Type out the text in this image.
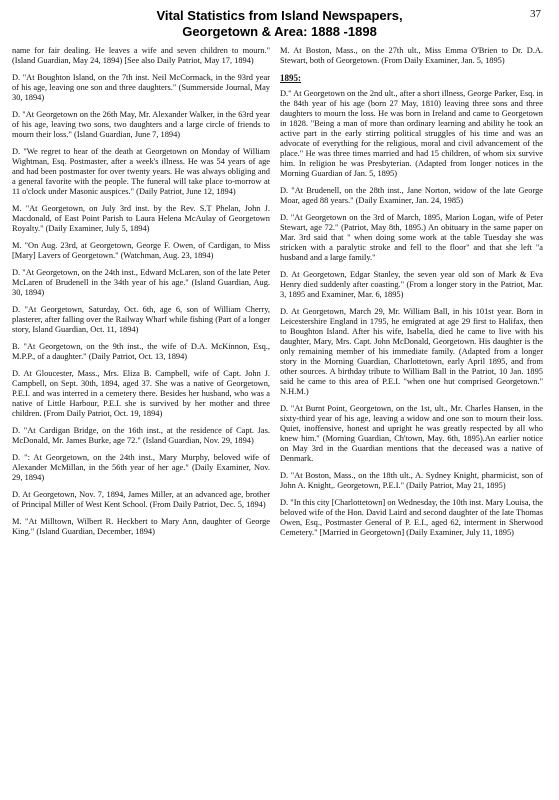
Vital Statistics from Island Newspapers,
Georgetown & Area: 1888 -1898
37

name for fair dealing. He leaves a wife and seven children to mourn." (Island Guardian, May 24, 1894) [See also Daily Patriot, May 17, 1894)

D. "At Boughton Island, on the 7th inst. Neil McCormack, in the 93rd year of his age, leaving one son and three daughters." (Summerside Journal, May 30, 1894)

D. "At Georgetown on the 26th May, Mr. Alexander Walker, in the 63rd year of his age, leaving two sons, two daughters and a large circle of friends to mourn their loss." (Island Guardian, June 7, 1894)

D. "We regret to hear of the death at Georgetown on Monday of William Wightman, Esq. Postmaster, after a week's illness. He was 54 years of age and had been postmaster for over twenty years. He was always obliging and a general favorite with the people. The funeral will take place to-morrow at 11 o'clock under Masonic auspices." (Daily Patriot, June 12, 1894)

M. "At Georgetown, on July 3rd inst. by the Rev. S.T Phelan, John J. Macdonald, of East Point Parish to Laura Helena McAulay of Georgetown Royalty." (Daily Examiner, July 5, 1894)

M. "On Aug. 23rd, at Georgetown, George F. Owen, of Cardigan, to Miss [Mary] Lavers of Georgetown." (Watchman, Aug. 23, 1894)

D. "At Georgetown, on the 24th inst., Edward McLaren, son of the late Peter McLaren of Brudenell in the 34th year of his age." (Island Guardian, Aug. 30, 1894)

D. "At Georgetown, Saturday, Oct. 6th, age 6, son of William Cherry, plasterer, after falling over the Railway Wharf while fishing (Part of a longer story, Island Guardian, Oct. 11, 1894)

B. "At Georgetown, on the 9th inst., the wife of D.A. McKinnon, Esq., M.P.P., of a daughter." (Daily Patriot, Oct. 13, 1894)

D. At Gloucester, Mass., Mrs. Eliza B. Campbell, wife of Capt. John J. Campbell, on Sept. 30th, 1894, aged 37. She was a native of Georgetown, P.E.I. and was interred in a cemetery there. Besides her husband, who was a native of Little Harbour, P.E.I. she is survived by her mother and three children. (From Daily Patriot, Oct. 19, 1894)

D. "At Cardigan Bridge, on the 16th inst., at the residence of Capt. Jas. McDonald, Mr. James Burke, age 72." (Island Guardian, Nov. 29, 1894)

D. ": At Georgetown, on the 24th inst., Mary Murphy, beloved wife of Alexander McMillan, in the 56th year of her age." (Daily Examiner, Nov. 29, 1894)

D. At Georgetown, Nov. 7, 1894, James Miller, at an advanced age, brother of Principal Miller of West Kent School. (From Daily Patriot, Dec. 5, 1894)

M. "At Milltown, Wilbert R. Heckbert to Mary Ann, daughter of George King." (Island Guardian, December, 1894)

M. At Boston, Mass., on the 27th ult., Miss Emma O'Brien to Dr. D.A. Stewart, both of Georgetown. (From Daily Examiner, Jan. 5, 1895)

1895:

D." At Georgetown on the 2nd ult., after a short illness, George Parker, Esq. in the 84th year of his age (born 27 May, 1810) leaving three sons and three daughters to mourn the loss. He was born in Ireland and came to Georgetown in 1828. "Being a man of more than ordinary learning and ability he took an active part in the early stirring political struggles of his time and was an advocate of everything for the religious, moral and civil advancement of the place." He was three times married and had 15 children, of whom six survive him. In religion he was Presbyterian. (Adapted from longer notices in the Morning Guardian of Jan. 5, 1895)

D. "At Brudenell, on the 28th inst., Jane Norton, widow of the late George Moar, aged 88 years." (Daily Examiner, Jan. 24, 1985)

D. "At Georgetown on the 3rd of March, 1895, Marion Logan, wife of Peter Stewart, age 72." (Patriot, May 8th, 1895.) An obituary in the same paper on Mar. 3rd said that " when doing some work at the table Tuesday she was stricken with a paralytic stroke and fell to the floor" and that she left "a husband and a large family."

D. At Georgetown, Edgar Stanley, the seven year old son of Mark & Eva Henry died suddenly after coasting." (From a longer story in the Patriot, Mar. 3, 1895 and Examiner, Mar. 6, 1895)

D. At Georgetown, March 29, Mr. William Ball, in his 101st year. Born in Leicestershire England in 1795, he emigrated at age 29 first to Halifax, then to Boughton Island. After his wife, Isabella, died he came to live with his daughter, Mary, Mrs. Capt. John McDonald, Georgetown. His daughter is the only remaining member of his immediate family. (Adapted from a longer story in the Morning Guardian, Charlottetown, early April 1895, and from other sources. A birthday tribute to William Ball in the Patriot, 10 Jan. 1895 said he came to this area of P.E.I. "when one hut comprised Georgetown." N.H.M.)

D. "At Burnt Point, Georgetown, on the 1st, ult., Mr. Charles Hansen, in the sixty-third year of his age, leaving a widow and one son to mourn their loss. Quiet, inoffensive, honest and upright he was greatly respected by all who knew him." (Morning Guardian, Ch'town, May. 6th, 1895).An earlier notice on May 3rd in the Guardian mentions that the deceased was a native of Denmark.

D. "At Boston, Mass., on the 18th ult., A. Sydney Knight, pharmicist, son of John A. Knight,. Georgetown, P.E.I." (Daily Patriot, May 21, 1895)

D. "In this city [Charlottetown] on Wednesday, the 10th inst. Mary Louisa, the beloved wife of the Hon. David Laird and second daughter of the late Thomas Owen, Esq., Postmaster General of P. E.I., aged 62, interment in Sherwood Cemetery." [Married in Georgetown] (Daily Examiner, July 11, 1895)
